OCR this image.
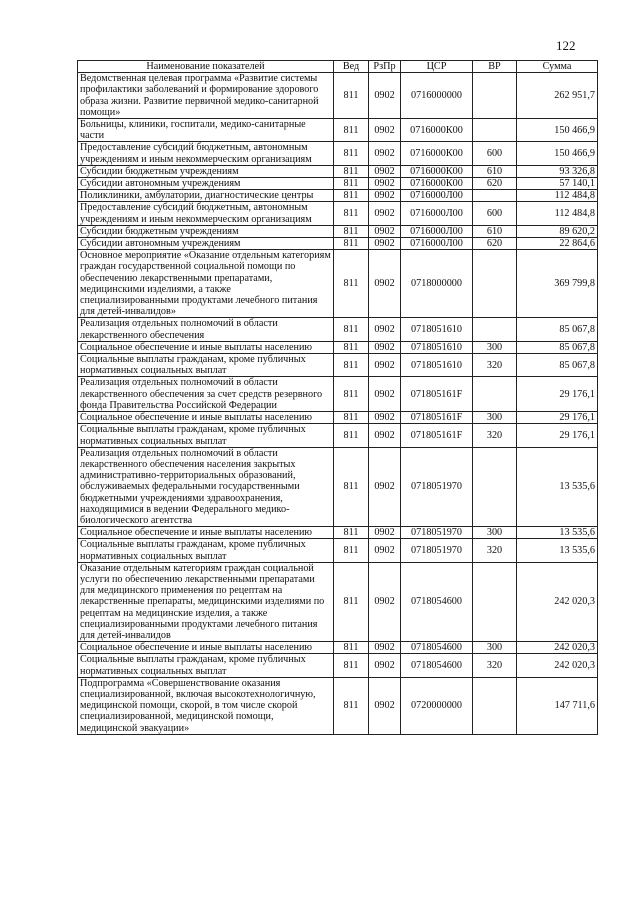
122
Наименование показателей	Вед	РзПр	ЦСР	ВР	Сумма
Ведомственная целевая программа «Развитие системы профилактики заболеваний и формирование здорового образа жизни. Развитие первичной медико-санитарной помощи»	811	0902	0716000000		262 951,7
Больницы, клиники, госпитали, медико-санитарные части	811	0902	0716000К00		150 466,9
Предоставление субсидий бюджетным, автономным учреждениям и иным некоммерческим организациям	811	0902	0716000К00	600	150 466,9
Субсидии бюджетным учреждениям	811	0902	0716000К00	610	93 326,8
Субсидии автономным учреждениям	811	0902	0716000К00	620	57 140,1
Поликлиники, амбулатории, диагностические центры	811	0902	0716000Л00		112 484,8
Предоставление субсидий бюджетным, автономным учреждениям и иным некоммерческим организациям	811	0902	0716000Л00	600	112 484,8
Субсидии бюджетным учреждениям	811	0902	0716000Л00	610	89 620,2
Субсидии автономным учреждениям	811	0902	0716000Л00	620	22 864,6
Основное мероприятие «Оказание отдельным категориям граждан государственной социальной помощи по обеспечению лекарственными препаратами, медицинскими изделиями, а также специализированными продуктами лечебного питания для детей-инвалидов»	811	0902	0718000000		369 799,8
Реализация отдельных полномочий в области лекарственного обеспечения	811	0902	0718051610		85 067,8
Социальное обеспечение и иные выплаты населению	811	0902	0718051610	300	85 067,8
Социальные выплаты гражданам, кроме публичных нормативных социальных выплат	811	0902	0718051610	320	85 067,8
Реализация отдельных полномочий в области лекарственного обеспечения за счет средств резервного фонда Правительства Российской Федерации	811	0902	071805161F		29 176,1
Социальное обеспечение и иные выплаты населению	811	0902	071805161F	300	29 176,1
Социальные выплаты гражданам, кроме публичных нормативных социальных выплат	811	0902	071805161F	320	29 176,1
Реализация отдельных полномочий в области лекарственного обеспечения населения закрытых административно-территориальных образований, обслуживаемых федеральными государственными бюджетными учреждениями здравоохранения, находящимися в ведении Федерального медико-биологического агентства	811	0902	0718051970		13 535,6
Социальное обеспечение и иные выплаты населению	811	0902	0718051970	300	13 535,6
Социальные выплаты гражданам, кроме публичных нормативных социальных выплат	811	0902	0718051970	320	13 535,6
Оказание отдельным категориям граждан социальной услуги по обеспечению лекарственными препаратами для медицинского применения по рецептам на лекарственные препараты, медицинскими изделиями по рецептам на медицинские изделия, а также специализированными продуктами лечебного питания для детей-инвалидов	811	0902	0718054600		242 020,3
Социальное обеспечение и иные выплаты населению	811	0902	0718054600	300	242 020,3
Социальные выплаты гражданам, кроме публичных нормативных социальных выплат	811	0902	0718054600	320	242 020,3
Подпрограмма «Совершенствование оказания специализированной, включая высокотехнологичную, медицинской помощи, скорой, в том числе скорой специализированной, медицинской помощи, медицинской эвакуации»	811	0902	0720000000		147 711,6
